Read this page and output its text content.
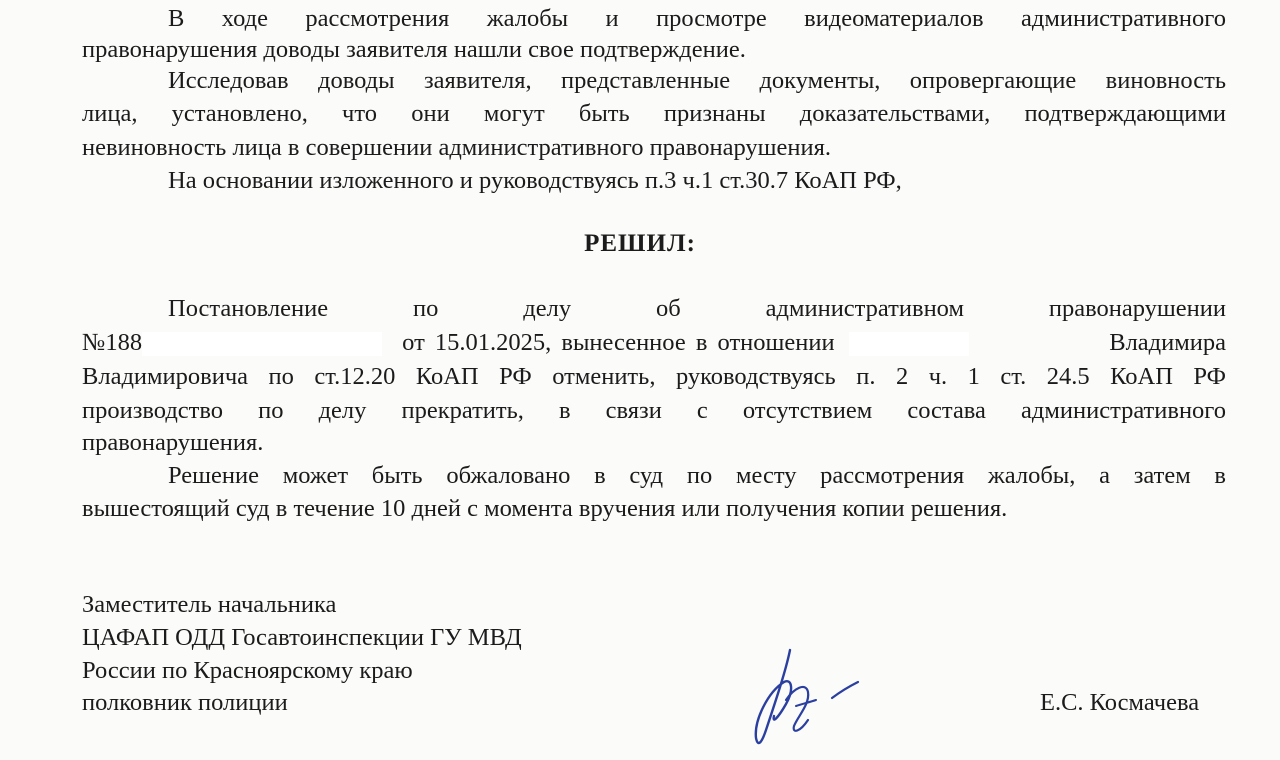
В ходе рассмотрения жалобы и просмотре видеоматериалов административного
правонарушения доводы заявителя нашли свое подтверждение.
Исследовав доводы заявителя, представленные документы, опровергающие виновность
лица, установлено, что они могут быть признаны доказательствами, подтверждающими
невиновность лица в совершении административного правонарушения.
На основании изложенного и руководствуясь п.3 ч.1 ст.30.7 КоАП РФ,
РЕШИЛ:
Постановление по делу об административном правонарушении
№188	от 15.01.2025, вынесенное в отношении	Владимира
Владимировича по ст.12.20 КоАП РФ отменить, руководствуясь п. 2 ч. 1 ст. 24.5 КоАП РФ
производство по делу прекратить, в связи с отсутствием состава административного
правонарушения.
Решение может быть обжаловано в суд по месту рассмотрения жалобы, а затем в
вышестоящий суд в течение 10 дней с момента вручения или получения копии решения.
Заместитель начальника
ЦАФАП ОДД Госавтоинспекции ГУ МВД
России по Красноярскому краю
полковник полиции	Е.С. Космачева
